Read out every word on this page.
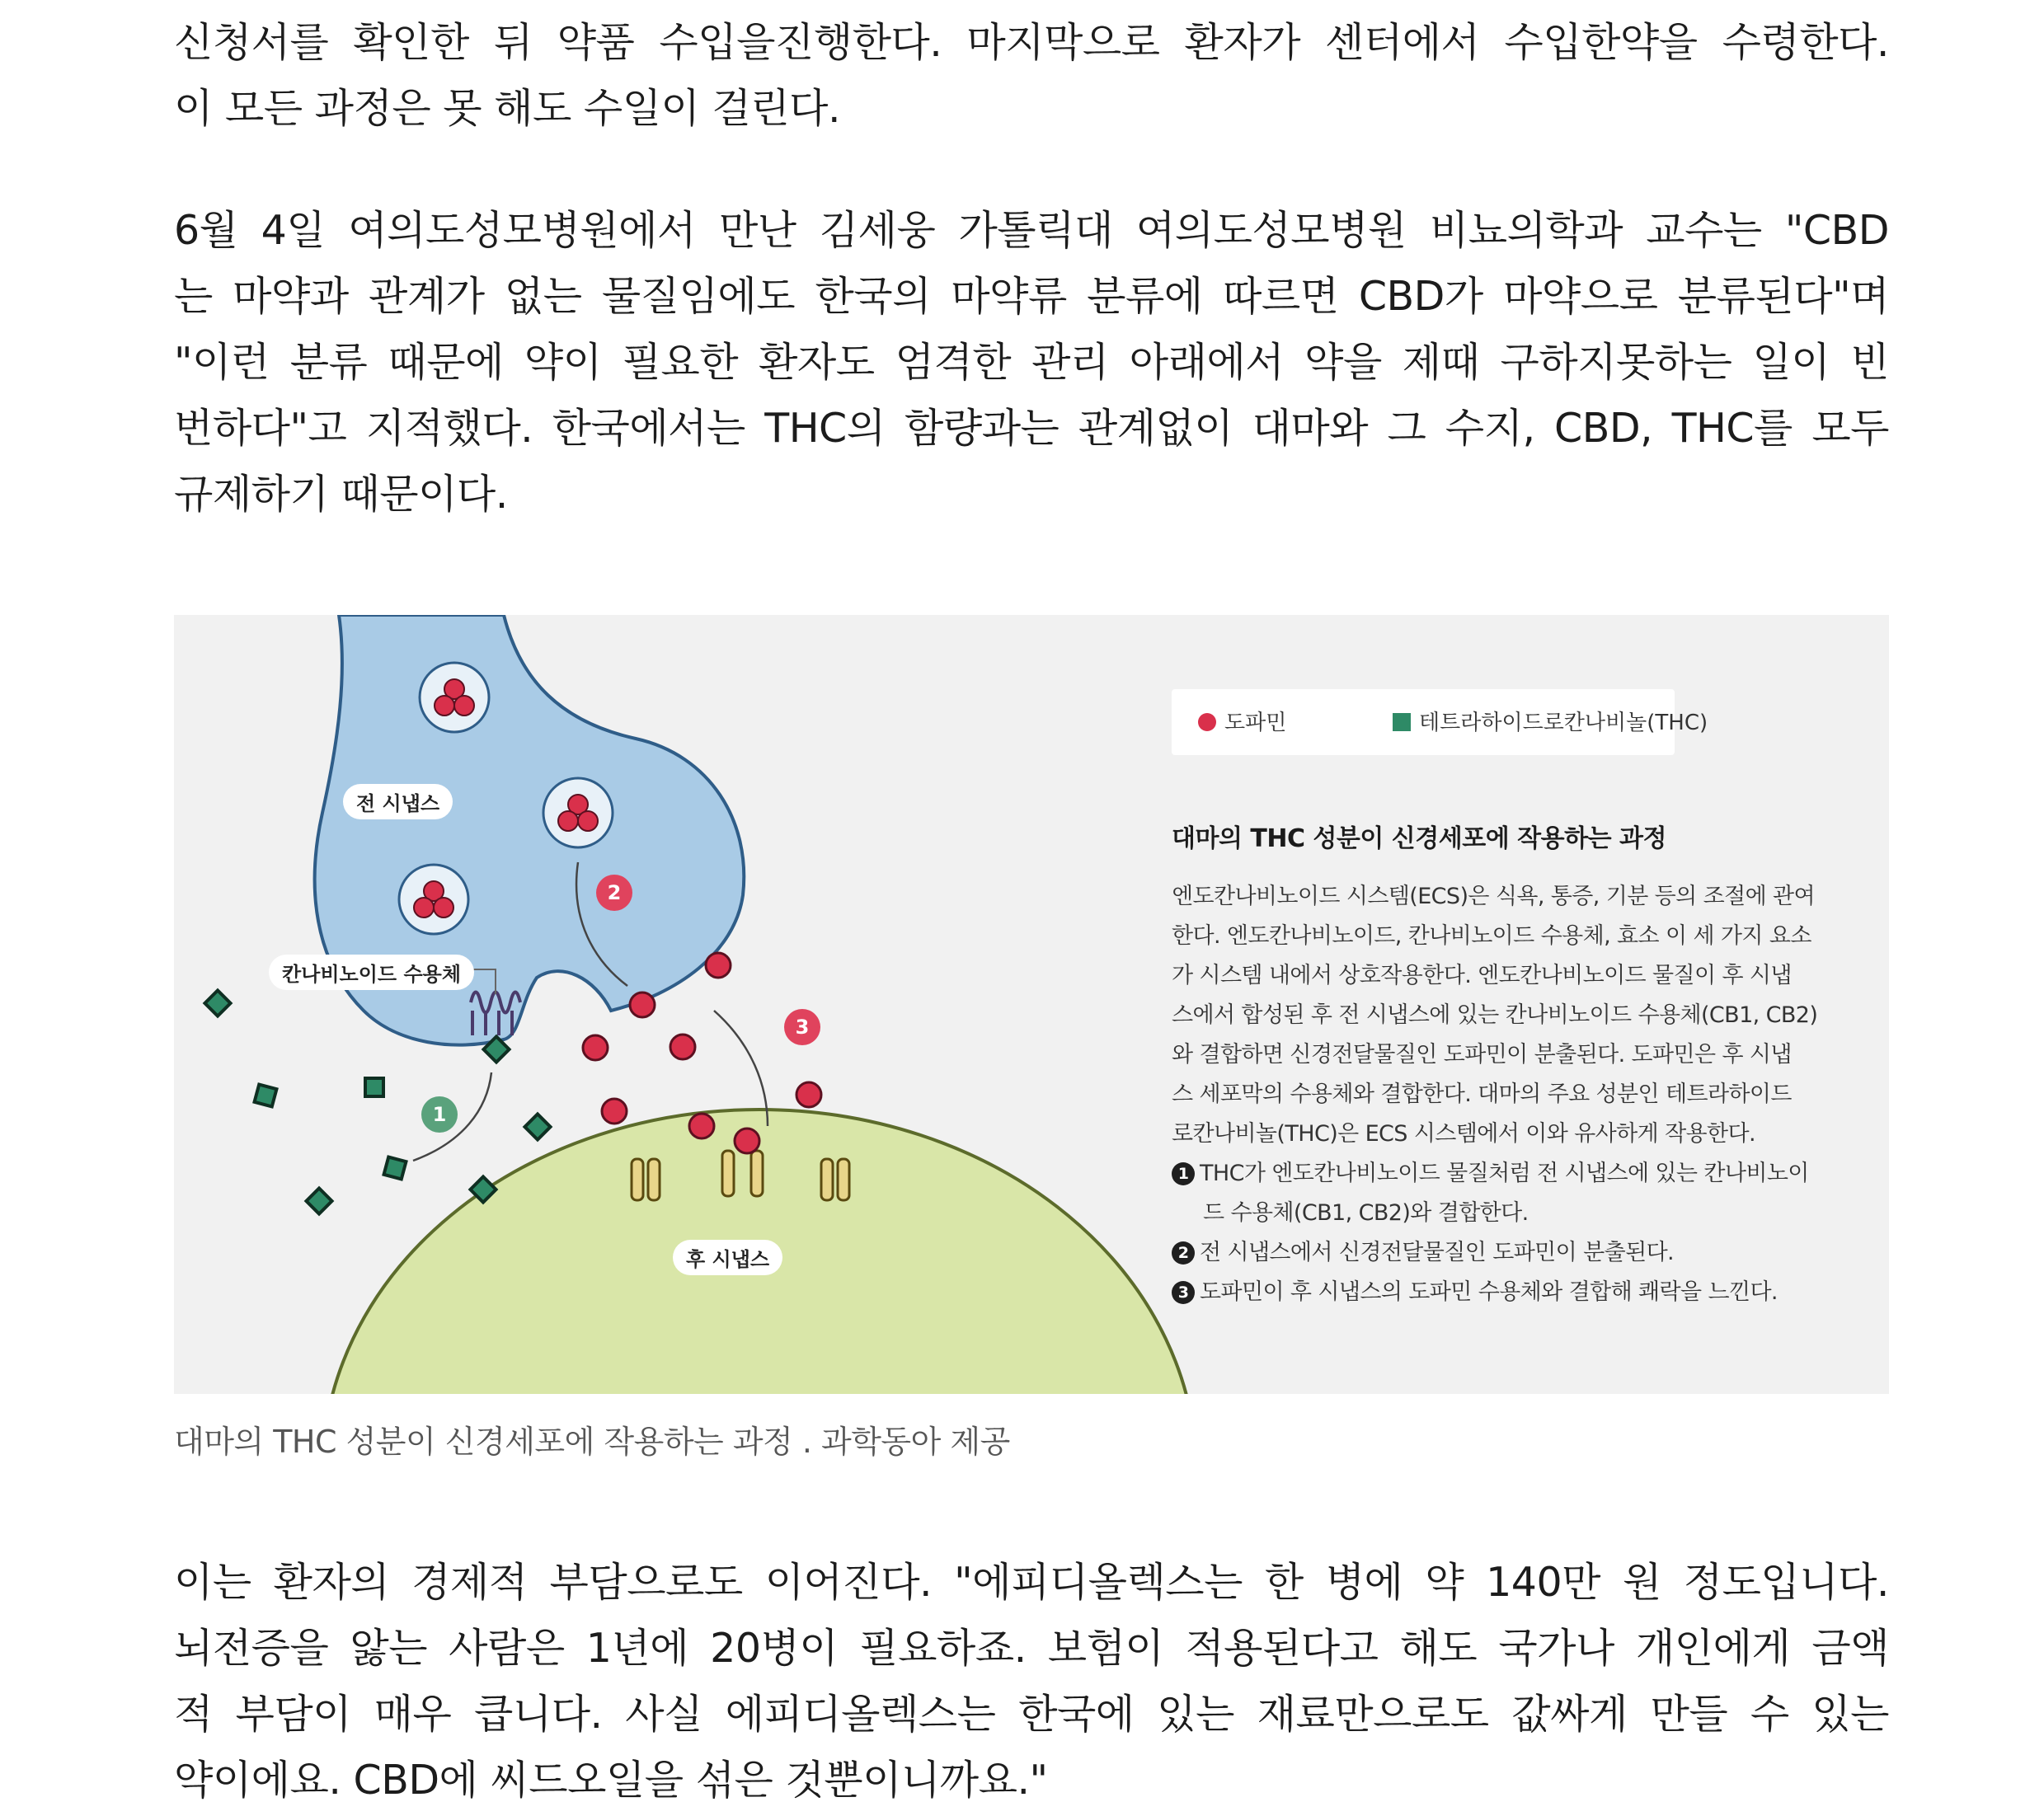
신청서를 확인한 뒤 약품 수입을진행한다. 마지막으로 환자가 센터에서 수입한약을 수령한다.
이 모든 과정은 못 해도 수일이 걸린다.

6월 4일 여의도성모병원에서 만난 김세웅 가톨릭대 여의도성모병원 비뇨의학과 교수는 "CBD
는 마약과 관계가 없는 물질임에도 한국의 마약류 분류에 따르면 CBD가 마약으로 분류된다"며
"이런 분류 때문에 약이 필요한 환자도 엄격한 관리 아래에서 약을 제때 구하지못하는 일이 빈
번하다"고 지적했다. 한국에서는 THC의 함량과는 관계없이 대마와 그 수지, CBD, THC를 모두
규제하기 때문이다.

1
2
3
전 시냅스
칸나비노이드 수용체
후 시냅스
도파민	테트라하이드로칸나비놀(THC)
대마의 THC 성분이 신경세포에 작용하는 과정
엔도칸나비노이드 시스템(ECS)은 식욕, 통증, 기분 등의 조절에 관여
한다. 엔도칸나비노이드, 칸나비노이드 수용체, 효소 이 세 가지 요소
가 시스템 내에서 상호작용한다. 엔도칸나비노이드 물질이 후 시냅
스에서 합성된 후 전 시냅스에 있는 칸나비노이드 수용체(CB1, CB2)
와 결합하면 신경전달물질인 도파민이 분출된다. 도파민은 후 시냅
스 세포막의 수용체와 결합한다. 대마의 주요 성분인 테트라하이드
로칸나비놀(THC)은 ECS 시스템에서 이와 유사하게 작용한다.
1 THC가 엔도칸나비노이드 물질처럼 전 시냅스에 있는 칸나비노이
드 수용체(CB1, CB2)와 결합한다.
2 전 시냅스에서 신경전달물질인 도파민이 분출된다.
3 도파민이 후 시냅스의 도파민 수용체와 결합해 쾌락을 느낀다.
대마의 THC 성분이 신경세포에 작용하는 과정 . 과학동아 제공

이는 환자의 경제적 부담으로도 이어진다. "에피디올렉스는 한 병에 약 140만 원 정도입니다.
뇌전증을 앓는 사람은 1년에 20병이 필요하죠. 보험이 적용된다고 해도 국가나 개인에게 금액
적 부담이 매우 큽니다. 사실 에피디올렉스는 한국에 있는 재료만으로도 값싸게 만들 수 있는
약이에요. CBD에 씨드오일을 섞은 것뿐이니까요."
